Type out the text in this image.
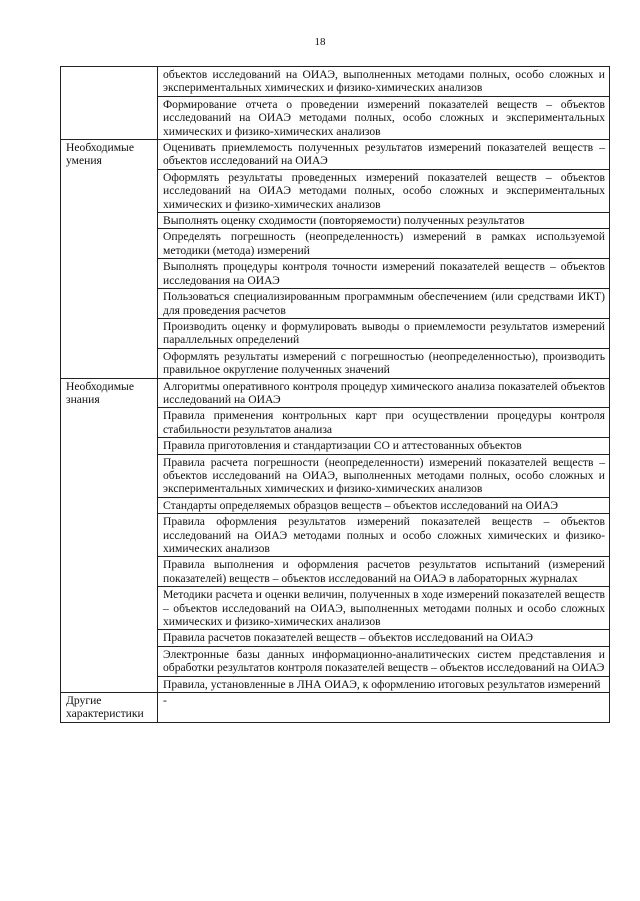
18
	объектов исследований на ОИАЭ, выполненных методами полных, особо сложных и экспериментальных химических и физико-химических анализов
	Формирование отчета о проведении измерений показателей веществ – объектов исследований на ОИАЭ методами полных, особо сложных и экспериментальных химических и физико-химических анализов
Необходимые умения	Оценивать приемлемость полученных результатов измерений показателей веществ – объектов исследований на ОИАЭ
	Оформлять результаты проведенных измерений показателей веществ – объектов исследований на ОИАЭ методами полных, особо сложных и экспериментальных химических и физико-химических анализов
	Выполнять оценку сходимости (повторяемости) полученных результатов
	Определять погрешность (неопределенность) измерений в рамках используемой методики (метода) измерений
	Выполнять процедуры контроля точности измерений показателей веществ – объектов исследования на ОИАЭ
	Пользоваться специализированным программным обеспечением (или средствами ИКТ) для проведения расчетов
	Производить оценку и формулировать выводы о приемлемости результатов измерений параллельных определений
	Оформлять результаты измерений с погрешностью (неопределенностью), производить правильное округление полученных значений
Необходимые знания	Алгоритмы оперативного контроля процедур химического анализа показателей объектов исследований на ОИАЭ
	Правила применения контрольных карт при осуществлении процедуры контроля стабильности результатов анализа
	Правила приготовления и стандартизации СО и аттестованных объектов
	Правила расчета погрешности (неопределенности) измерений показателей веществ – объектов исследований на ОИАЭ, выполненных методами полных, особо сложных и экспериментальных химических и физико-химических анализов
	Стандарты определяемых образцов веществ – объектов исследований на ОИАЭ
	Правила оформления результатов измерений показателей веществ – объектов исследований на ОИАЭ методами полных и особо сложных химических и физико-химических анализов
	Правила выполнения и оформления расчетов результатов испытаний (измерений показателей) веществ – объектов исследований на ОИАЭ в лабораторных журналах
	Методики расчета и оценки величин, полученных в ходе измерений показателей веществ – объектов исследований на ОИАЭ, выполненных методами полных и особо сложных химических и физико-химических анализов
	Правила расчетов показателей веществ – объектов исследований на ОИАЭ
	Электронные базы данных информационно-аналитических систем представления и обработки результатов контроля показателей веществ – объектов исследований на ОИАЭ
	Правила, установленные в ЛНА ОИАЭ, к оформлению итоговых результатов измерений
Другие характеристики	-
